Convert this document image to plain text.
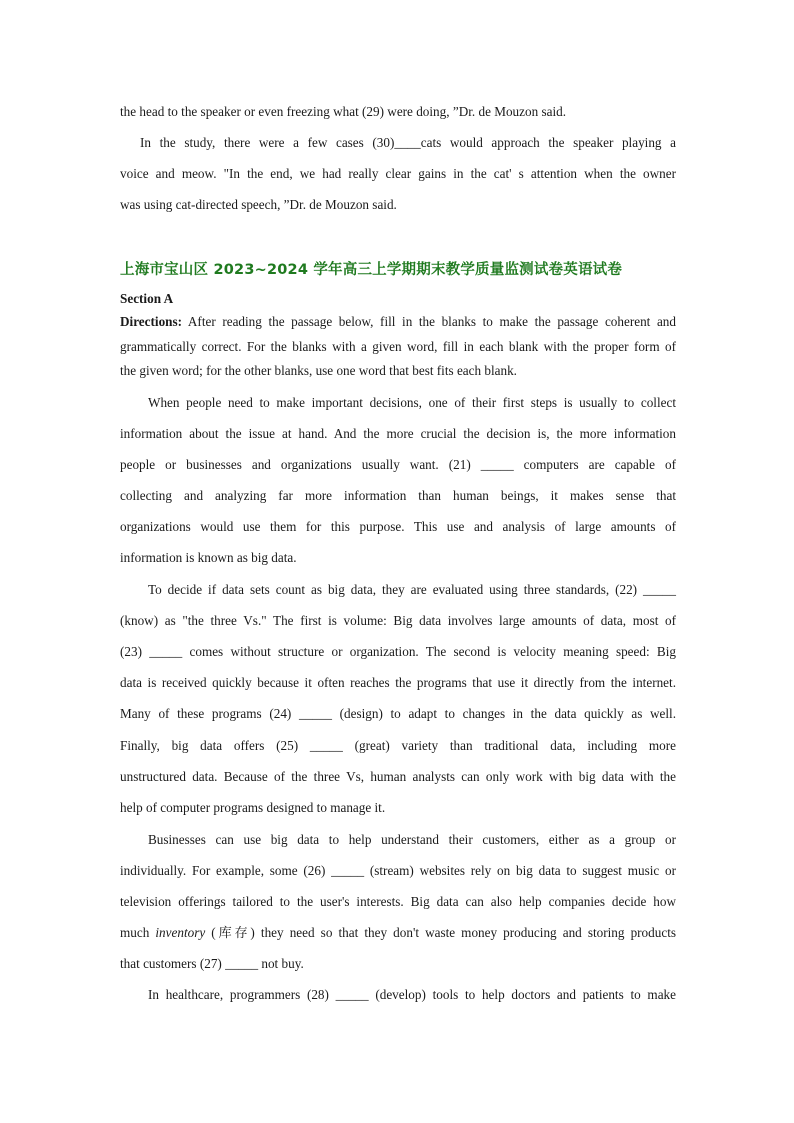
the head to the speaker or even freezing what (29) were doing, ”Dr. de Mouzon said.
In the study, there were a few cases (30)____cats would approach the speaker playing a
voice and meow. "In the end, we had really clear gains in the cat' s attention when the owner
was using cat-directed speech, ”Dr. de Mouzon said.
上海市宝山区 2023~2024 学年高三上学期期末教学质量监测试卷英语试卷
Section A
Directions: After reading the passage below, fill in the blanks to make the passage coherent and
grammatically correct. For the blanks with a given word, fill in each blank with the proper form of
the given word; for the other blanks, use one word that best fits each blank.
When people need to make important decisions, one of their first steps is usually to collect
information about the issue at hand. And the more crucial the decision is, the more information
people or businesses and organizations usually want. (21) _____ computers are capable of
collecting and analyzing far more information than human beings, it makes sense that
organizations would use them for this purpose. This use and analysis of large amounts of
information is known as big data.
To decide if data sets count as big data, they are evaluated using three standards, (22) _____
(know) as "the three Vs." The first is volume: Big data involves large amounts of data, most of
(23) _____ comes without structure or organization. The second is velocity meaning speed: Big
data is received quickly because it often reaches the programs that use it directly from the internet.
Many of these programs (24) _____ (design) to adapt to changes in the data quickly as well.
Finally, big data offers (25) _____ (great) variety than traditional data, including more
unstructured data. Because of the three Vs, human analysts can only work with big data with the
help of computer programs designed to manage it.
Businesses can use big data to help understand their customers, either as a group or
individually. For example, some (26) _____ (stream) websites rely on big data to suggest music or
television offerings tailored to the user's interests. Big data can also help companies decide how
much inventory (库存) they need so that they don't waste money producing and storing products
that customers (27) _____ not buy.
In healthcare, programmers (28) _____ (develop) tools to help doctors and patients to make
